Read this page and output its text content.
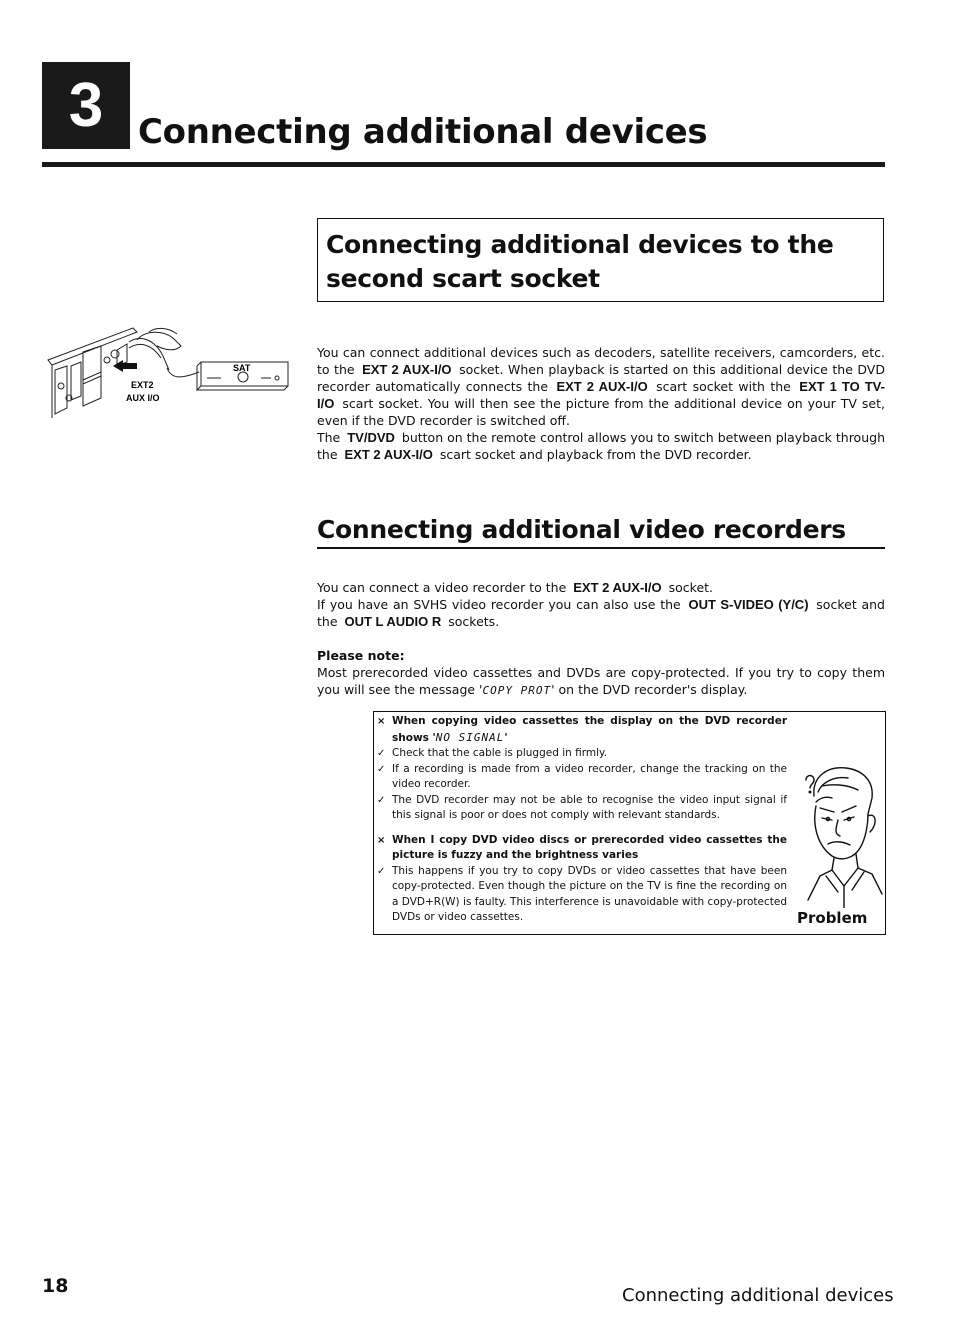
3 Connecting additional devices
Connecting additional devices to the second scart socket
SAT
EXT2
AUX I/O
You can connect additional devices such as decoders, satellite receivers, camcorders, etc. to the EXT 2 AUX-I/O socket. When playback is started on this additional device the DVD recorder automatically connects the EXT 2 AUX-I/O scart socket with the EXT 1 TO TV-I/O scart socket. You will then see the picture from the additional device on your TV set, even if the DVD recorder is switched off.
The TV/DVD button on the remote control allows you to switch between playback through the EXT 2 AUX-I/O scart socket and playback from the DVD recorder.
Connecting additional video recorders
You can connect a video recorder to the EXT 2 AUX-I/O socket.
If you have an SVHS video recorder you can also use the OUT S-VIDEO (Y/C) socket and the OUT L AUDIO R sockets.
Please note:
Most prerecorded video cassettes and DVDs are copy-protected. If you try to copy them you will see the message 'COPY PROT' on the DVD recorder's display.
× When copying video cassettes the display on the DVD recorder shows 'NO SIGNAL'
✓ Check that the cable is plugged in firmly.
✓ If a recording is made from a video recorder, change the tracking on the video recorder.
✓ The DVD recorder may not be able to recognise the video input signal if this signal is poor or does not comply with relevant standards.
× When I copy DVD video discs or prerecorded video cassettes the picture is fuzzy and the brightness varies
✓ This happens if you try to copy DVDs or video cassettes that have been copy-protected. Even though the picture on the TV is fine the recording on a DVD+R(W) is faulty. This interference is unavoidable with copy-protected DVDs or video cassettes.	Problem
18	Connecting additional devices
